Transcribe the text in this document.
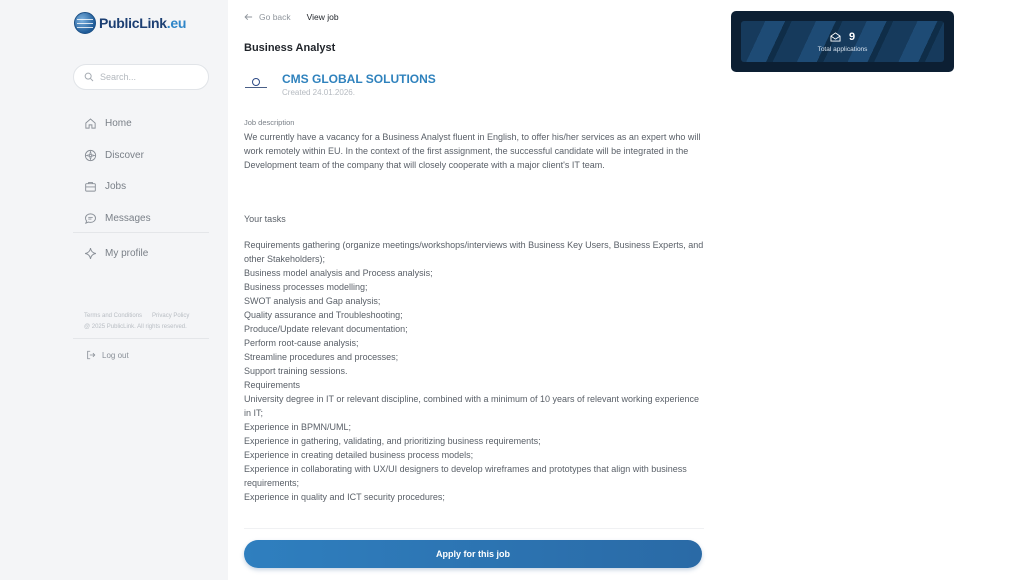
PublicLink.eu
Search...
Home
Discover
Jobs
Messages
My profile
Terms and Conditions Privacy Policy
@ 2025 PublicLink. All rights reserved.
Log out
Go back View job
Business Analyst
CMS GLOBAL SOLUTIONS
Created 24.01.2026.
Job description
We currently have a vacancy for a Business Analyst fluent in English, to offer his/her services as an expert who will work remotely within EU. In the context of the first assignment, the successful candidate will be integrated in the Development team of the company that will closely cooperate with a major client's IT team.
Your tasks
Requirements gathering (organize meetings/workshops/interviews with Business Key Users, Business Experts, and other Stakeholders);
Business model analysis and Process analysis;
Business processes modelling;
SWOT analysis and Gap analysis;
Quality assurance and Troubleshooting;
Produce/Update relevant documentation;
Perform root-cause analysis;
Streamline procedures and processes;
Support training sessions.
Requirements
University degree in IT or relevant discipline, combined with a minimum of 10 years of relevant working experience in IT;
Experience in BPMN/UML;
Experience in gathering, validating, and prioritizing business requirements;
Experience in creating detailed business process models;
Experience in collaborating with UX/UI designers to develop wireframes and prototypes that align with business requirements;
Experience in quality and ICT security procedures;
Apply for this job
9
Total applications
